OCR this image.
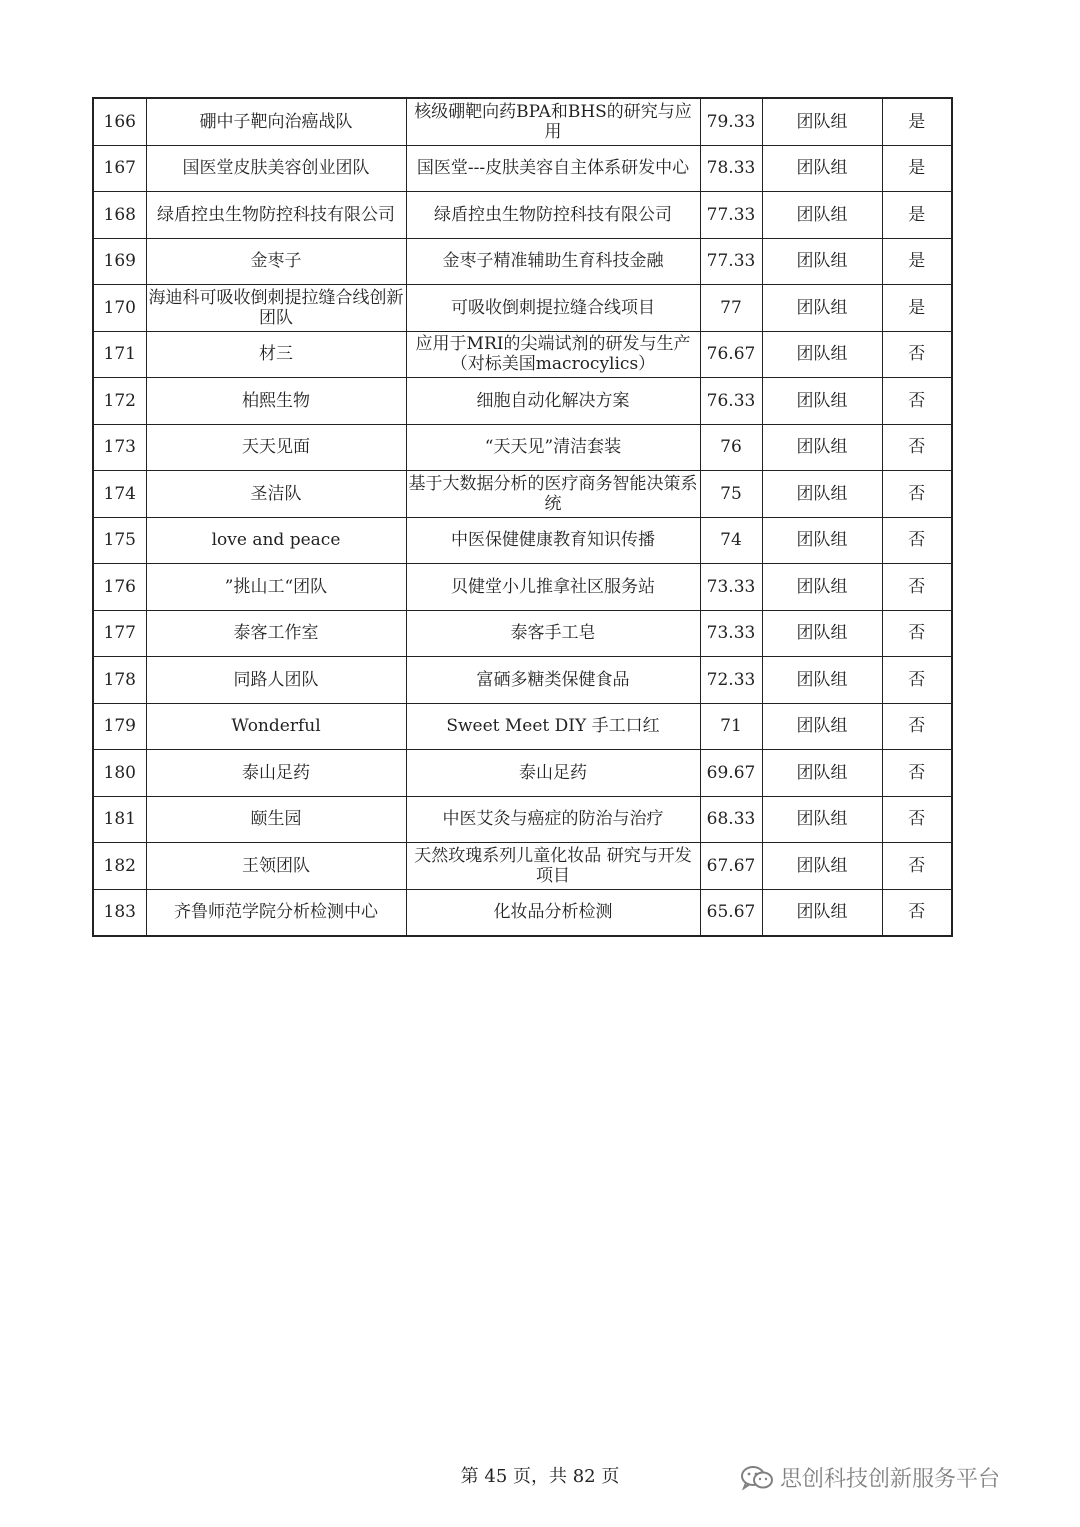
166	硼中子靶向治癌战队	核级硼靶向药BPA和BHS的研究与应用	79.33	团队组	是
167	国医堂皮肤美容创业团队	国医堂---皮肤美容自主体系研发中心	78.33	团队组	是
168	绿盾控虫生物防控科技有限公司	绿盾控虫生物防控科技有限公司	77.33	团队组	是
169	金枣子	金枣子精准辅助生育科技金融	77.33	团队组	是
170	海迪科可吸收倒刺提拉缝合线创新团队	可吸收倒刺提拉缝合线项目	77	团队组	是
171	材三	应用于MRI的尖端试剂的研发与生产（对标美国macrocylics）	76.67	团队组	否
172	柏熙生物	细胞自动化解决方案	76.33	团队组	否
173	天天见面	“天天见”清洁套装	76	团队组	否
174	圣洁队	基于大数据分析的医疗商务智能决策系统	75	团队组	否
175	love and peace	中医保健健康教育知识传播	74	团队组	否
176	”挑山工“团队	贝健堂小儿推拿社区服务站	73.33	团队组	否
177	泰客工作室	泰客手工皂	73.33	团队组	否
178	同路人团队	富硒多糖类保健食品	72.33	团队组	否
179	Wonderful	Sweet Meet DIY 手工口红	71	团队组	否
180	泰山足药	泰山足药	69.67	团队组	否
181	颐生园	中医艾灸与癌症的防治与治疗	68.33	团队组	否
182	王领团队	天然玫瑰系列儿童化妆品 研究与开发项目	67.67	团队组	否
183	齐鲁师范学院分析检测中心	化妆品分析检测	65.67	团队组	否
第 45 页，共 82 页	思创科技创新服务平台
